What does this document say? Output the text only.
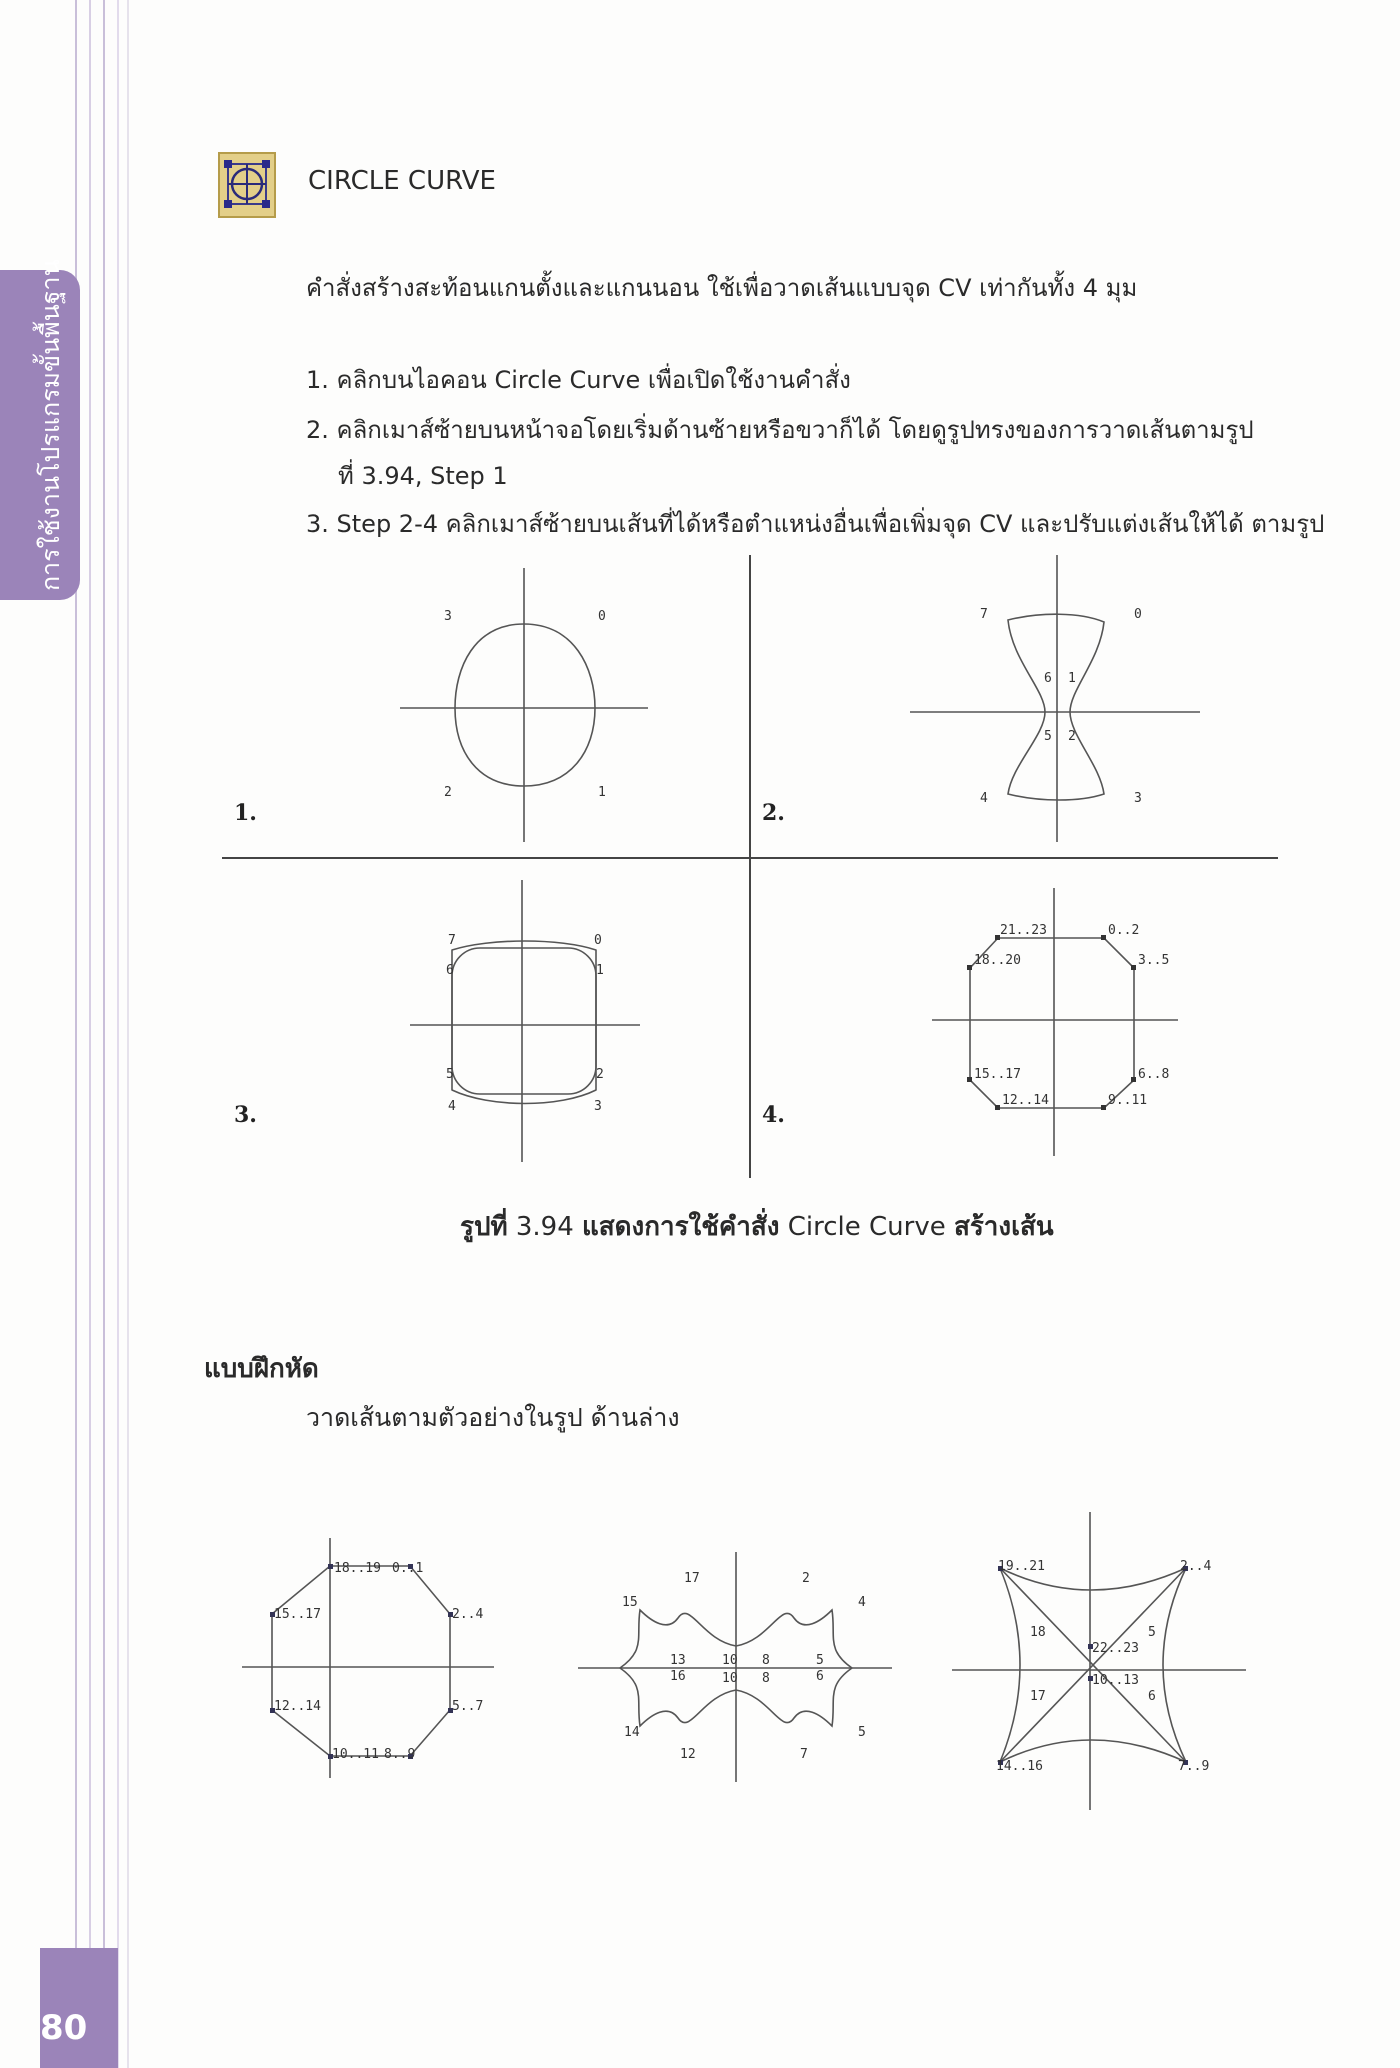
การใช้งานโปรแกรมขั้นพื้นฐาน
80
CIRCLE CURVE
คำสั่งสร้างสะท้อนแกนตั้งและแกนนอน ใช้เพื่อวาดเส้นแบบจุด CV เท่ากันทั้ง 4 มุม
1. คลิกบนไอคอน Circle Curve เพื่อเปิดใช้งานคำสั่ง
2. คลิกเมาส์ซ้ายบนหน้าจอโดยเริ่มด้านซ้ายหรือขวาก็ได้ โดยดูรูปทรงของการวาดเส้นตามรูป
ที่ 3.94, Step 1
3. Step 2-4 คลิกเมาส์ซ้ายบนเส้นที่ได้หรือตำแหน่งอื่นเพื่อเพิ่มจุด CV และปรับแต่งเส้นให้ได้ ตามรูป
3	0
2	1
1.
7	0
6 1
5 2
4	3
2.
7	0
6	1
5	2
4	3
3.
21..23	0..2
18..20	3..5
15..17	6..8
12..14	9..11
4.
18..19 0..1
15..17	2..4
12..14	5..7
10..11 8..9
17	2
15	4
13	10 8	5
16	10 8	6
14
12
5
7
19..21	2..4
18
22..23
5
10..13
17	6
14..16	7..9
รูปที่ 3.94 แสดงการใช้คำสั่ง Circle Curve สร้างเส้น
แบบฝึกหัด
วาดเส้นตามตัวอย่างในรูป ด้านล่าง
